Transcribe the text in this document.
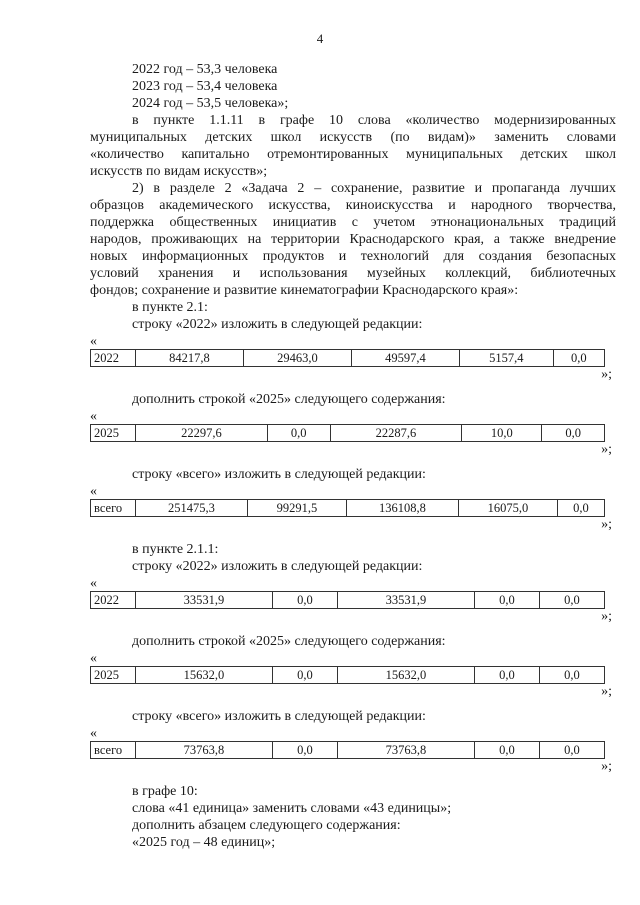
4
2022 год – 53,3 человека
2023 год – 53,4 человека
2024 год – 53,5 человека»;
в пункте 1.1.11 в графе 10 слова «количество модернизированных
муниципальных детских школ искусств (по видам)» заменить словами
«количество капитально отремонтированных муниципальных детских школ
искусств по видам искусств»;
2) в разделе 2 «Задача 2 – сохранение, развитие и пропаганда лучших
образцов академического искусства, киноискусства и народного творчества,
поддержка общественных инициатив с учетом этнонациональных традиций
народов, проживающих на территории Краснодарского края, а также внедрение
новых информационных продуктов и технологий для создания безопасных
условий хранения и использования музейных коллекций, библиотечных
фондов; сохранение и развитие кинематографии Краснодарского края»:
в пункте 2.1:
строку «2022» изложить в следующей редакции:
«
2022	84217,8	29463,0	49597,4	5157,4	0,0
»;
дополнить строкой «2025» следующего содержания:
«
2025	22297,6	0,0	22287,6	10,0	0,0
»;
строку «всего» изложить в следующей редакции:
«
всего	251475,3	99291,5	136108,8	16075,0	0,0
»;
в пункте 2.1.1:
строку «2022» изложить в следующей редакции:
«
2022	33531,9	0,0	33531,9	0,0	0,0
»;
дополнить строкой «2025» следующего содержания:
«
2025	15632,0	0,0	15632,0	0,0	0,0
»;
строку «всего» изложить в следующей редакции:
«
всего	73763,8	0,0	73763,8	0,0	0,0
»;
в графе 10:
слова «41 единица» заменить словами «43 единицы»;
дополнить абзацем следующего содержания:
«2025 год – 48 единиц»;
